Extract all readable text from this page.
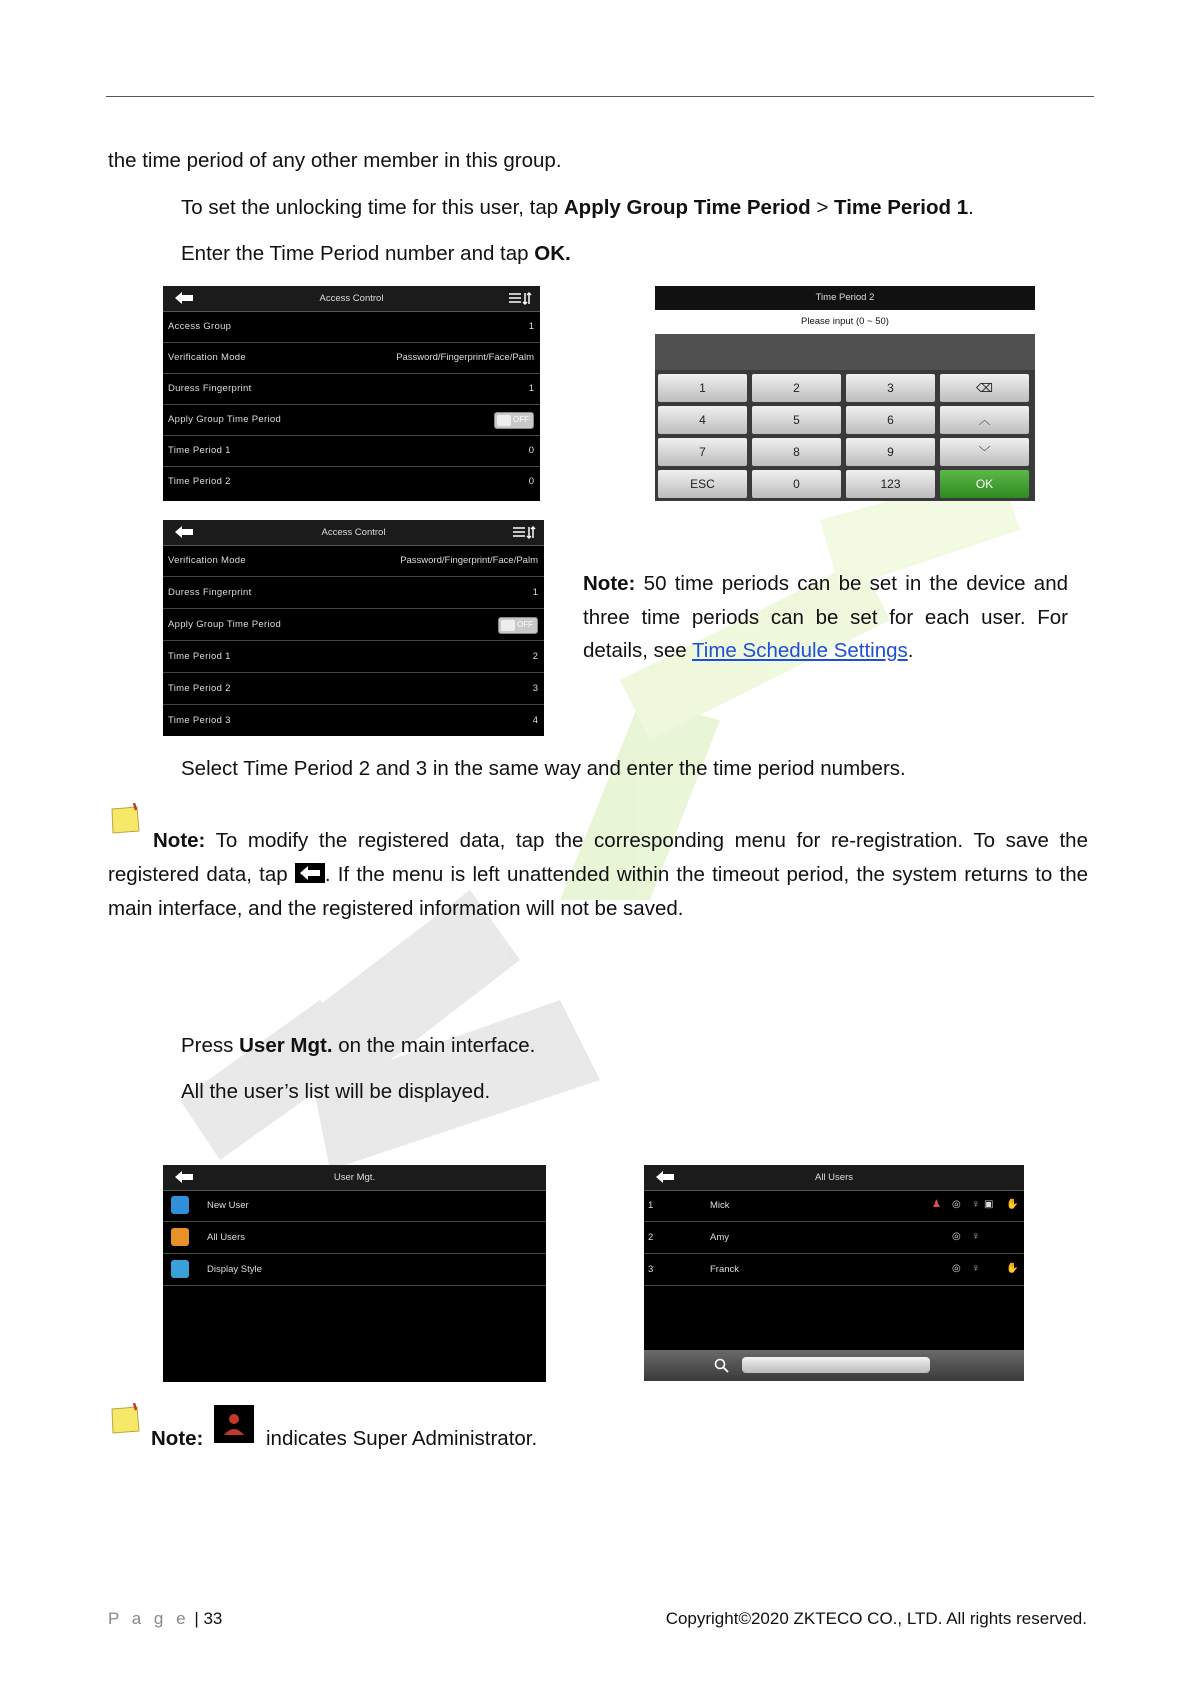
the time period of any other member in this group.
To set the unlocking time for this user, tap Apply Group Time Period > Time Period 1.
Enter the Time Period number and tap OK.
Access Control
Access Group	1
Verification Mode	Password/Fingerprint/Face/Palm
Duress Fingerprint	1
Apply Group Time Period	OFF
Time Period 1	0
Time Period 2	0
Time Period 2
Please input (0 ~ 50)
1	2	3	⌫
4	5	6	︿
7	8	9	﹀
ESC	0	123	OK
Access Control
Verification Mode	Password/Fingerprint/Face/Palm
Duress Fingerprint	1
Apply Group Time Period	OFF
Time Period 1	2
Time Period 2	3
Time Period 3	4
Note: 50 time periods can be set in the device and three time periods can be set for each user. For details, see Time Schedule Settings.
Select Time Period 2 and 3 in the same way and enter the time period numbers.
Note: To modify the registered data, tap the corresponding menu for re-registration. To save the registered data, tap . If the menu is left unattended within the timeout period, the system returns to the main interface, and the registered information will not be saved.
Press User Mgt. on the main interface.
All the user’s list will be displayed.
User Mgt.
New User
All Users
Display Style
All Users
1	Mick	♟ ◎ ♀ ▣ ✋
2	Amy	◎ ♀
3	Franck	◎ ♀	✋
Note:	indicates Super Administrator.
P a g e | 33	Copyright©2020 ZKTECO CO., LTD. All rights reserved.
